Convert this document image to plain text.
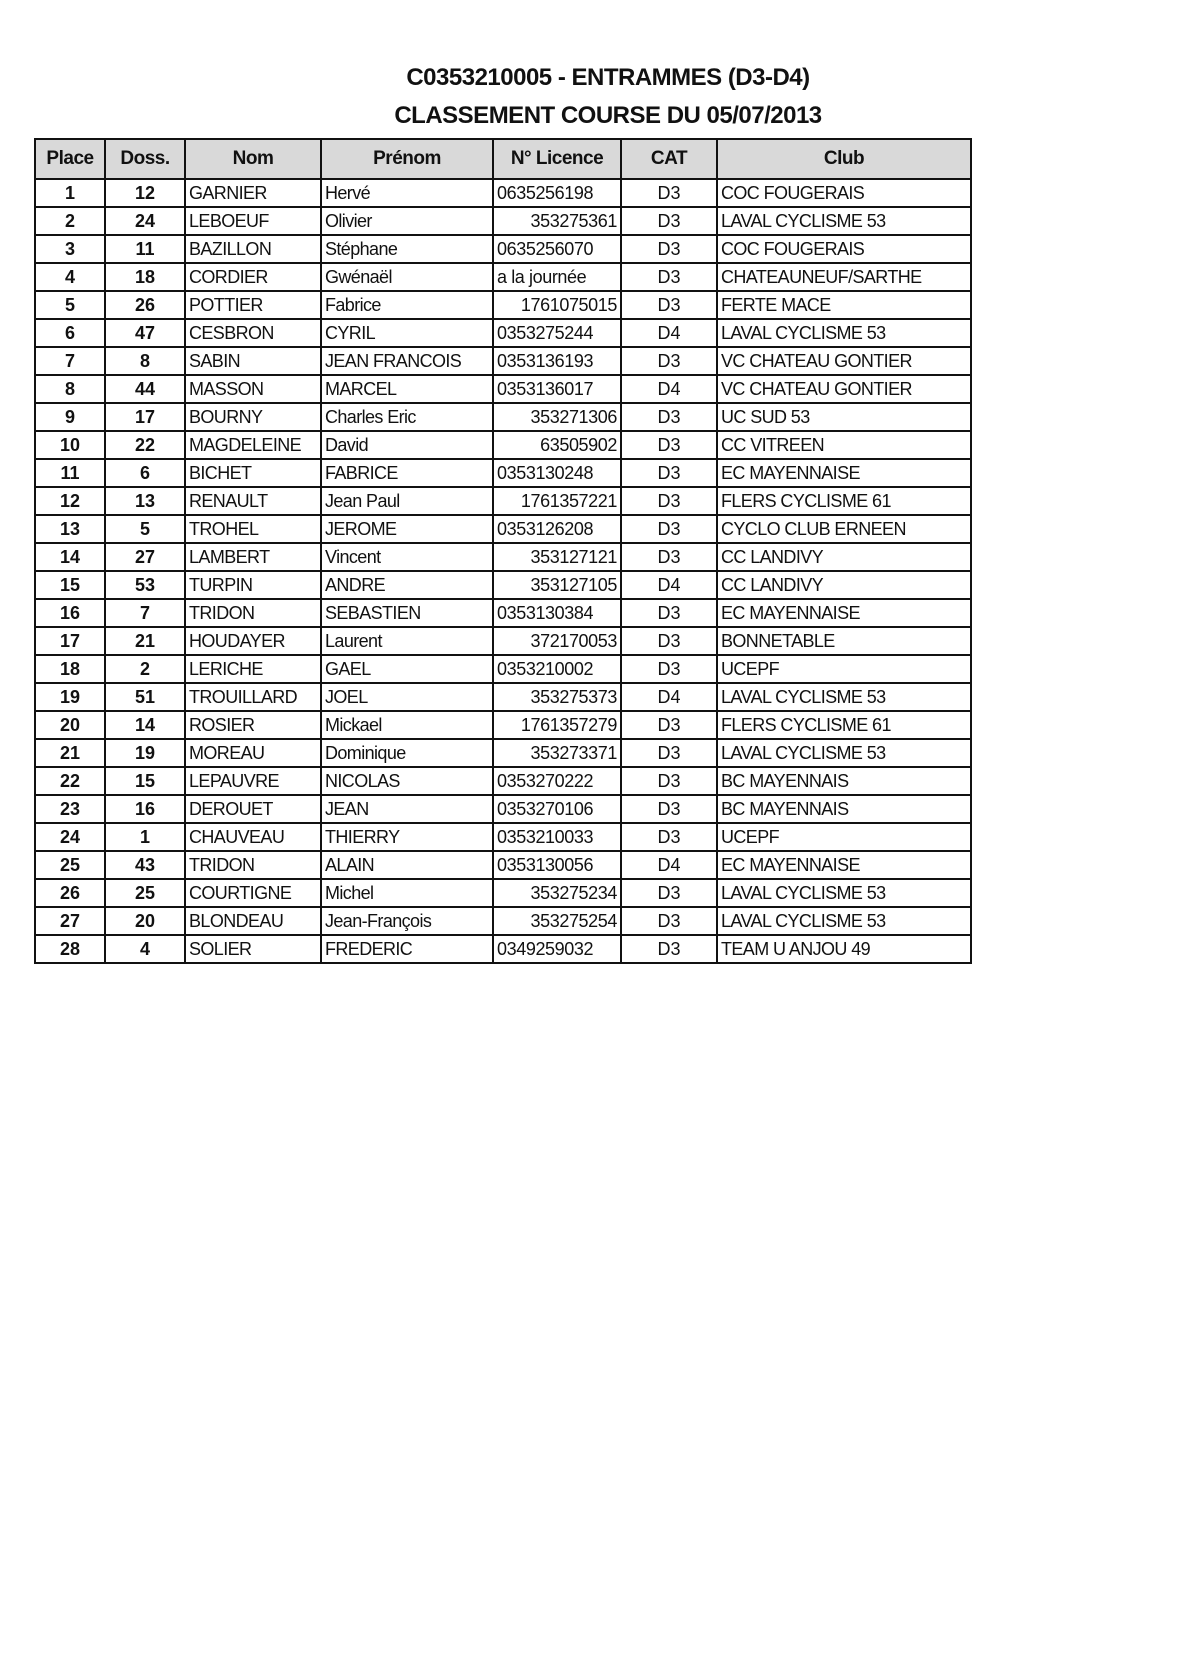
C0353210005 - ENTRAMMES (D3-D4)
CLASSEMENT COURSE DU 05/07/2013
Place	Doss.	Nom	Prénom	N° Licence	CAT	Club
1	12	GARNIER	Hervé	0635256198	D3	COC FOUGERAIS
2	24	LEBOEUF	Olivier	353275361	D3	LAVAL CYCLISME 53
3	11	BAZILLON	Stéphane	0635256070	D3	COC FOUGERAIS
4	18	CORDIER	Gwénaël	a la journée	D3	CHATEAUNEUF/SARTHE
5	26	POTTIER	Fabrice	1761075015	D3	FERTE MACE
6	47	CESBRON	CYRIL	0353275244	D4	LAVAL CYCLISME 53
7	8	SABIN	JEAN FRANCOIS	0353136193	D3	VC CHATEAU GONTIER
8	44	MASSON	MARCEL	0353136017	D4	VC CHATEAU GONTIER
9	17	BOURNY	Charles Eric	353271306	D3	UC SUD 53
10	22	MAGDELEINE	David	63505902	D3	CC VITREEN
11	6	BICHET	FABRICE	0353130248	D3	EC MAYENNAISE
12	13	RENAULT	Jean Paul	1761357221	D3	FLERS CYCLISME 61
13	5	TROHEL	JEROME	0353126208	D3	CYCLO CLUB ERNEEN
14	27	LAMBERT	Vincent	353127121	D3	CC LANDIVY
15	53	TURPIN	ANDRE	353127105	D4	CC LANDIVY
16	7	TRIDON	SEBASTIEN	0353130384	D3	EC MAYENNAISE
17	21	HOUDAYER	Laurent	372170053	D3	BONNETABLE
18	2	LERICHE	GAEL	0353210002	D3	UCEPF
19	51	TROUILLARD	JOEL	353275373	D4	LAVAL CYCLISME 53
20	14	ROSIER	Mickael	1761357279	D3	FLERS CYCLISME 61
21	19	MOREAU	Dominique	353273371	D3	LAVAL CYCLISME 53
22	15	LEPAUVRE	NICOLAS	0353270222	D3	BC MAYENNAIS
23	16	DEROUET	JEAN	0353270106	D3	BC MAYENNAIS
24	1	CHAUVEAU	THIERRY	0353210033	D3	UCEPF
25	43	TRIDON	ALAIN	0353130056	D4	EC MAYENNAISE
26	25	COURTIGNE	Michel	353275234	D3	LAVAL CYCLISME 53
27	20	BLONDEAU	Jean-François	353275254	D3	LAVAL CYCLISME 53
28	4	SOLIER	FREDERIC	0349259032	D3	TEAM U ANJOU 49
